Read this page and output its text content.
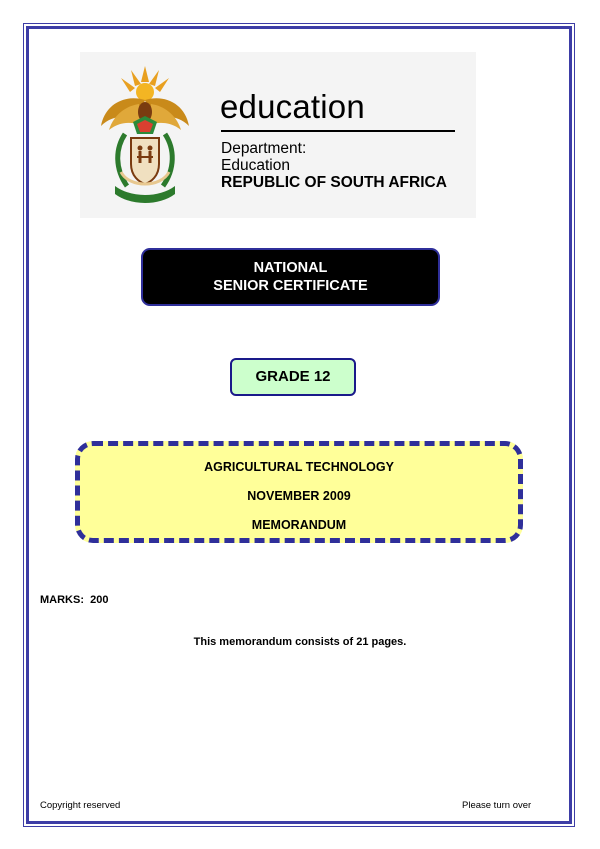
education
Department:
Education
REPUBLIC OF SOUTH AFRICA
NATIONAL
SENIOR CERTIFICATE
GRADE 12
AGRICULTURAL TECHNOLOGY
NOVEMBER 2009
MEMORANDUM
MARKS:  200
This memorandum consists of 21 pages.
Copyright reserved	Please turn over
